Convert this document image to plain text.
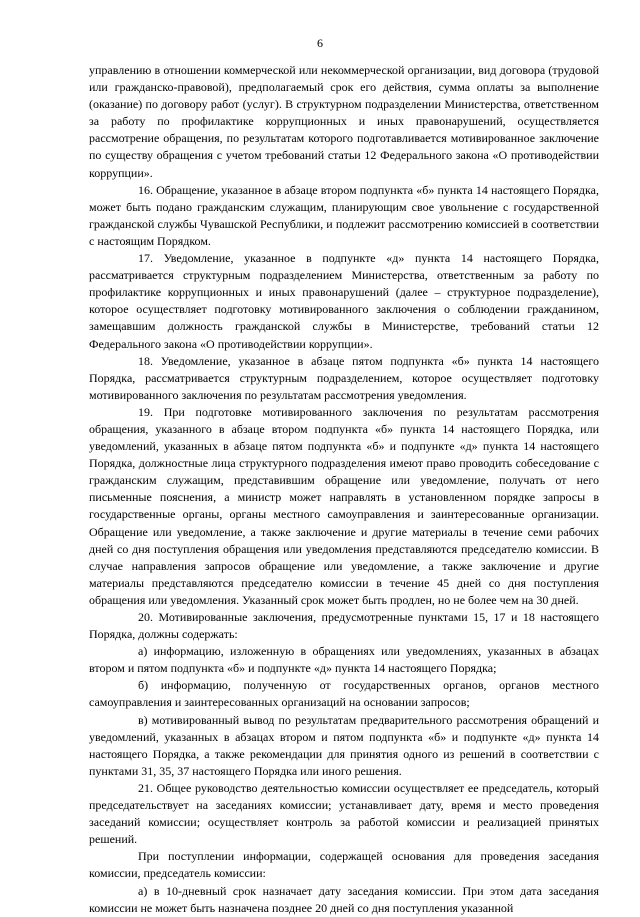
6

управлению в отношении коммерческой или некоммерческой организации, вид договора (трудовой или гражданско-правовой), предполагаемый срок его действия, сумма оплаты за выполнение (оказание) по договору работ (услуг). В структурном подразделении Министерства, ответственном за работу по профилактике коррупционных и иных правонарушений, осуществляется рассмотрение обращения, по результатам которого подготавливается мотивированное заключение по существу обращения с учетом требований статьи 12 Федерального закона «О противодействии коррупции».

16. Обращение, указанное в абзаце втором подпункта «б» пункта 14 настоящего Порядка, может быть подано гражданским служащим, планирующим свое увольнение с государственной гражданской службы Чувашской Республики, и подлежит рассмотрению комиссией в соответствии с настоящим Порядком.

17. Уведомление, указанное в подпункте «д» пункта 14 настоящего Порядка, рассматривается структурным подразделением Министерства, ответственным за работу по профилактике коррупционных и иных правонарушений (далее – структурное подразделение), которое осуществляет подготовку мотивированного заключения о соблюдении гражданином, замещавшим должность гражданской службы в Министерстве, требований статьи 12 Федерального закона «О противодействии коррупции».

18. Уведомление, указанное в абзаце пятом подпункта «б» пункта 14 настоящего Порядка, рассматривается структурным подразделением, которое осуществляет подготовку мотивированного заключения по результатам рассмотрения уведомления.

19. При подготовке мотивированного заключения по результатам рассмотрения обращения, указанного в абзаце втором подпункта «б» пункта 14 настоящего Порядка, или уведомлений, указанных в абзаце пятом подпункта «б» и подпункте «д» пункта 14 настоящего Порядка, должностные лица структурного подразделения имеют право проводить собеседование с гражданским служащим, представившим обращение или уведомление, получать от него письменные пояснения, а министр может направлять в установленном порядке запросы в государственные органы, органы местного самоуправления и заинтересованные организации. Обращение или уведомление, а также заключение и другие материалы в течение семи рабочих дней со дня поступления обращения или уведомления представляются председателю комиссии. В случае направления запросов обращение или уведомление, а также заключение и другие материалы представляются председателю комиссии в течение 45 дней со дня поступления обращения или уведомления. Указанный срок может быть продлен, но не более чем на 30 дней.

20. Мотивированные заключения, предусмотренные пунктами 15, 17 и 18 настоящего Порядка, должны содержать:

а) информацию, изложенную в обращениях или уведомлениях, указанных в абзацах втором и пятом подпункта «б» и подпункте «д» пункта 14 настоящего Порядка;

б) информацию, полученную от государственных органов, органов местного самоуправления и заинтересованных организаций на основании запросов;

в) мотивированный вывод по результатам предварительного рассмотрения обращений и уведомлений, указанных в абзацах втором и пятом подпункта «б» и подпункте «д» пункта 14 настоящего Порядка, а также рекомендации для принятия одного из решений в соответствии с пунктами 31, 35, 37 настоящего Порядка или иного решения.

21. Общее руководство деятельностью комиссии осуществляет ее председатель, который председательствует на заседаниях комиссии; устанавливает дату, время и место проведения заседаний комиссии; осуществляет контроль за работой комиссии и реализацией принятых решений.

При поступлении информации, содержащей основания для проведения заседания комиссии, председатель комиссии:

а) в 10-дневный срок назначает дату заседания комиссии. При этом дата заседания комиссии не может быть назначена позднее 20 дней со дня поступления указанной
